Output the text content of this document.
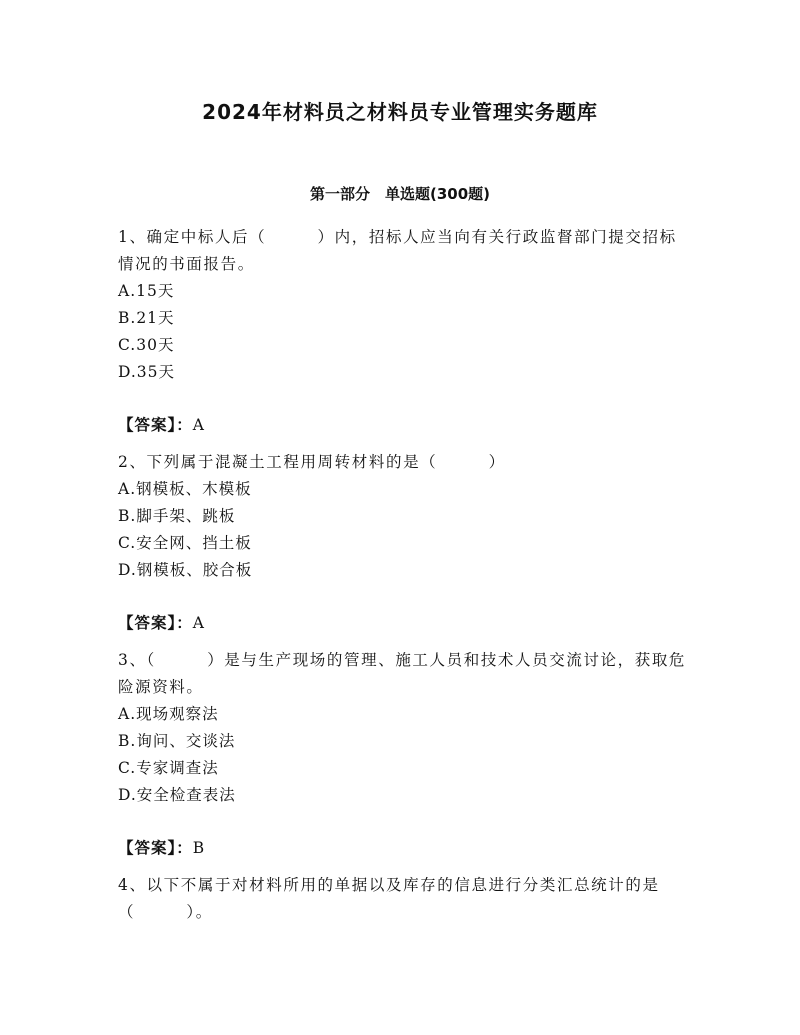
2024年材料员之材料员专业管理实务题库
第一部分　单选题(300题)
1、确定中标人后（　　　）内，招标人应当向有关行政监督部门提交招标情况的书面报告。
A.15天
B.21天
C.30天
D.35天
【答案】：A
2、下列属于混凝土工程用周转材料的是（　　　）
A.钢模板、木模板
B.脚手架、跳板
C.安全网、挡土板
D.钢模板、胶合板
【答案】：A
3、（　　　）是与生产现场的管理、施工人员和技术人员交流讨论，获取危险源资料。
A.现场观察法
B.询问、交谈法
C.专家调查法
D.安全检查表法
【答案】：B
4、以下不属于对材料所用的单据以及库存的信息进行分类汇总统计的是（　　　）。
